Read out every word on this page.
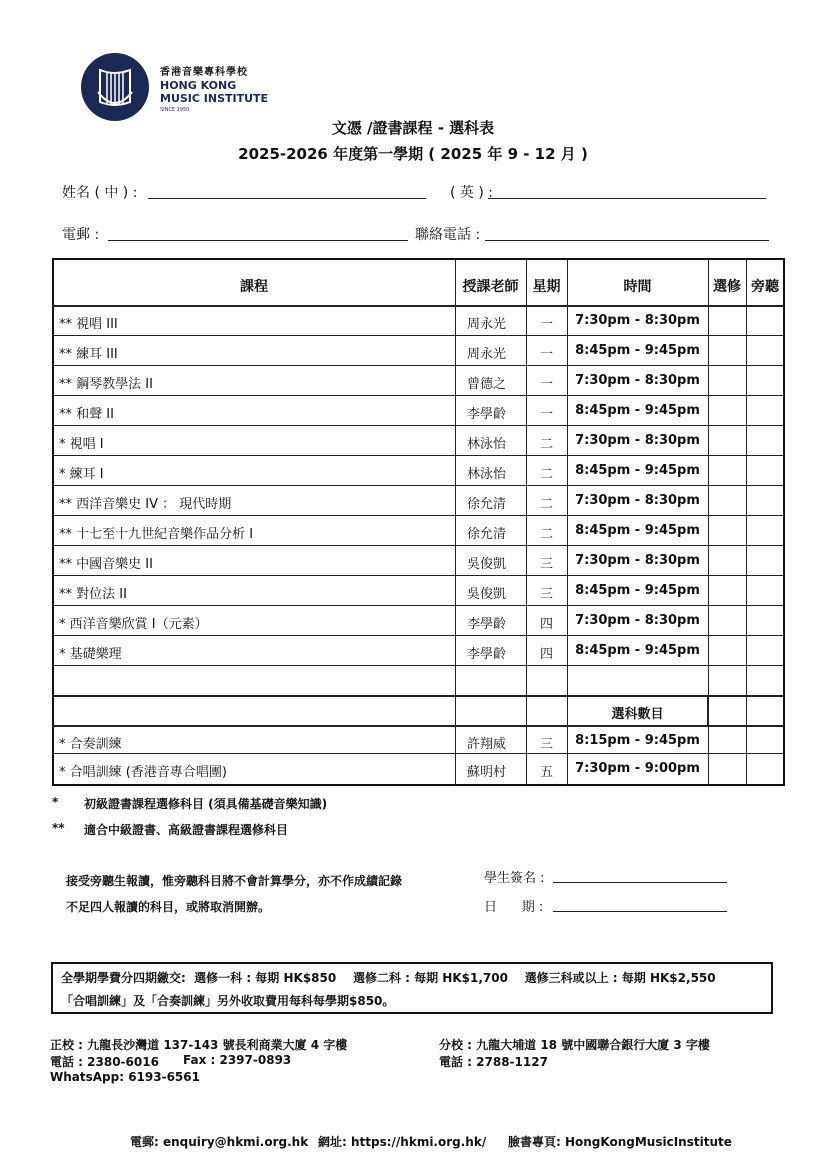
香港音樂專科學校
HONG KONG
MUSIC INSTITUTE
SINCE 1950
文憑 /證書課程 - 選科表
2025-2026 年度第一學期 ( 2025 年 9 - 12 月 )
姓名 ( 中 ) :	( 英 ) :
電郵 :	聯絡電話 :
課程	授課老師	星期	時間	選修 旁聽
** 視唱 III	周永光	一	7:30pm - 8:30pm
** 練耳 III	周永光	一	8:45pm - 9:45pm
** 鋼琴教學法 II	曾德之	一	7:30pm - 8:30pm
** 和聲 II	李學齡	一	8:45pm - 9:45pm
* 視唱 I	林泳怡	二	7:30pm - 8:30pm
* 練耳 I	林泳怡	二	8:45pm - 9:45pm
** 西洋音樂史 IV ： 現代時期	徐允清	二	7:30pm - 8:30pm
** 十七至十九世紀音樂作品分析 I	徐允清	二	8:45pm - 9:45pm
** 中國音樂史 II	吳俊凱	三	7:30pm - 8:30pm
** 對位法 II	吳俊凱	三	8:45pm - 9:45pm
* 西洋音樂欣賞 I（元素）	李學齡	四	7:30pm - 8:30pm
* 基礎樂理	李學齡	四	8:45pm - 9:45pm
選科數目
* 合奏訓練	許翔威	三	8:15pm - 9:45pm
* 合唱訓練 (香港音專合唱團)	蘇明村	五	7:30pm - 9:00pm
* 初級證書課程選修科目 (須具備基礎音樂知識)
** 適合中級證書、高級證書課程選修科目
接受旁聽生報讀，惟旁聽科目將不會計算學分，亦不作成績記錄
不足四人報讀的科目，或將取消開辦。
學生簽名 :
日      期 :
全學期學費分四期繳交:  選修一科 : 每期 HK$850    選修二科 : 每期 HK$1,700    選修三科或以上 : 每期 HK$2,550
「合唱訓練」及「合奏訓練」另外收取費用每科每學期$850。
正校 : 九龍長沙灣道 137-143 號長利商業大廈 4 字樓
電話 : 2380-6016 Fax : 2397-0893
WhatsApp: 6193-6561
分校 : 九龍大埔道 18 號中國聯合銀行大廈 3 字樓
電話 : 2788-1127
電郵: enquiry@hkmi.org.hk 網址: https://hkmi.org.hk/ 臉書專頁: HongKongMusicInstitute
